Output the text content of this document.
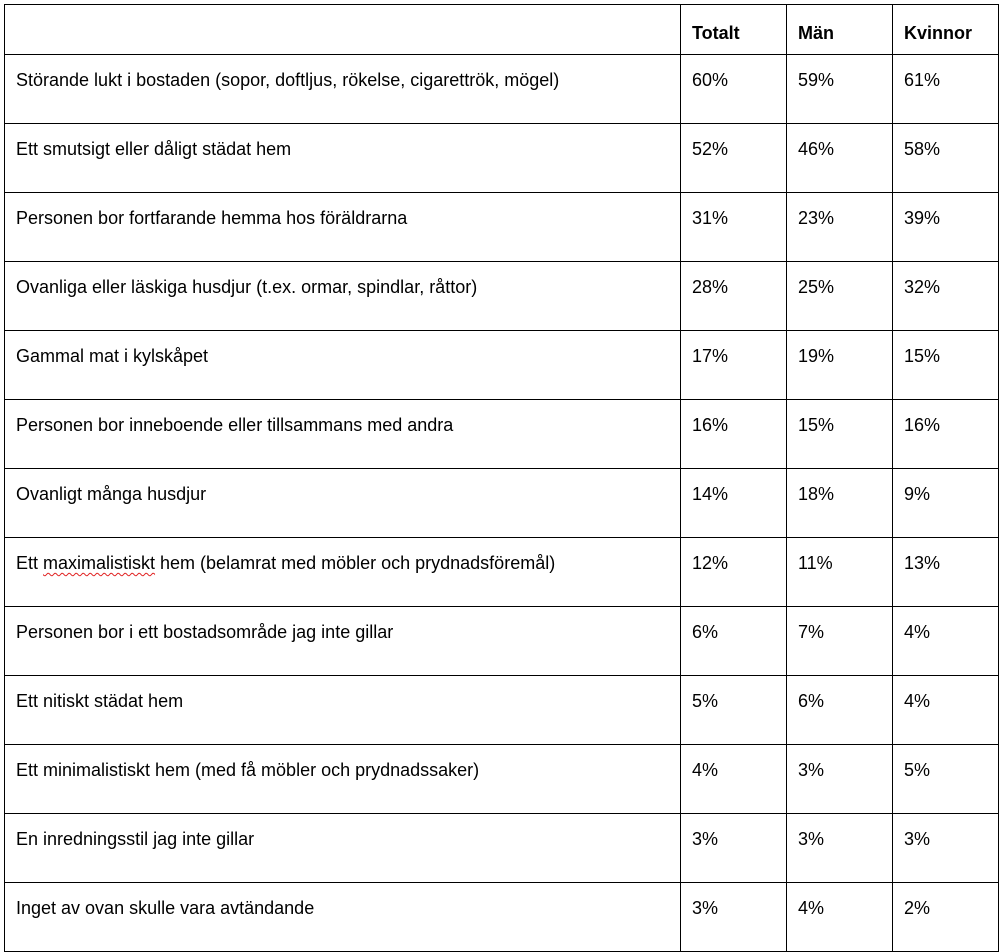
	Totalt	Män	Kvinnor
Störande lukt i bostaden (sopor, doftljus, rökelse, cigarettrök, mögel)	60%	59%	61%
Ett smutsigt eller dåligt städat hem	52%	46%	58%
Personen bor fortfarande hemma hos föräldrarna	31%	23%	39%
Ovanliga eller läskiga husdjur (t.ex. ormar, spindlar, råttor)	28%	25%	32%
Gammal mat i kylskåpet	17%	19%	15%
Personen bor inneboende eller tillsammans med andra	16%	15%	16%
Ovanligt många husdjur	14%	18%	9%
Ett maximalistiskt hem (belamrat med möbler och prydnadsföremål)	12%	11%	13%
Personen bor i ett bostadsområde jag inte gillar	6%	7%	4%
Ett nitiskt städat hem	5%	6%	4%
Ett minimalistiskt hem (med få möbler och prydnadssaker)	4%	3%	5%
En inredningsstil jag inte gillar	3%	3%	3%
Inget av ovan skulle vara avtändande	3%	4%	2%
